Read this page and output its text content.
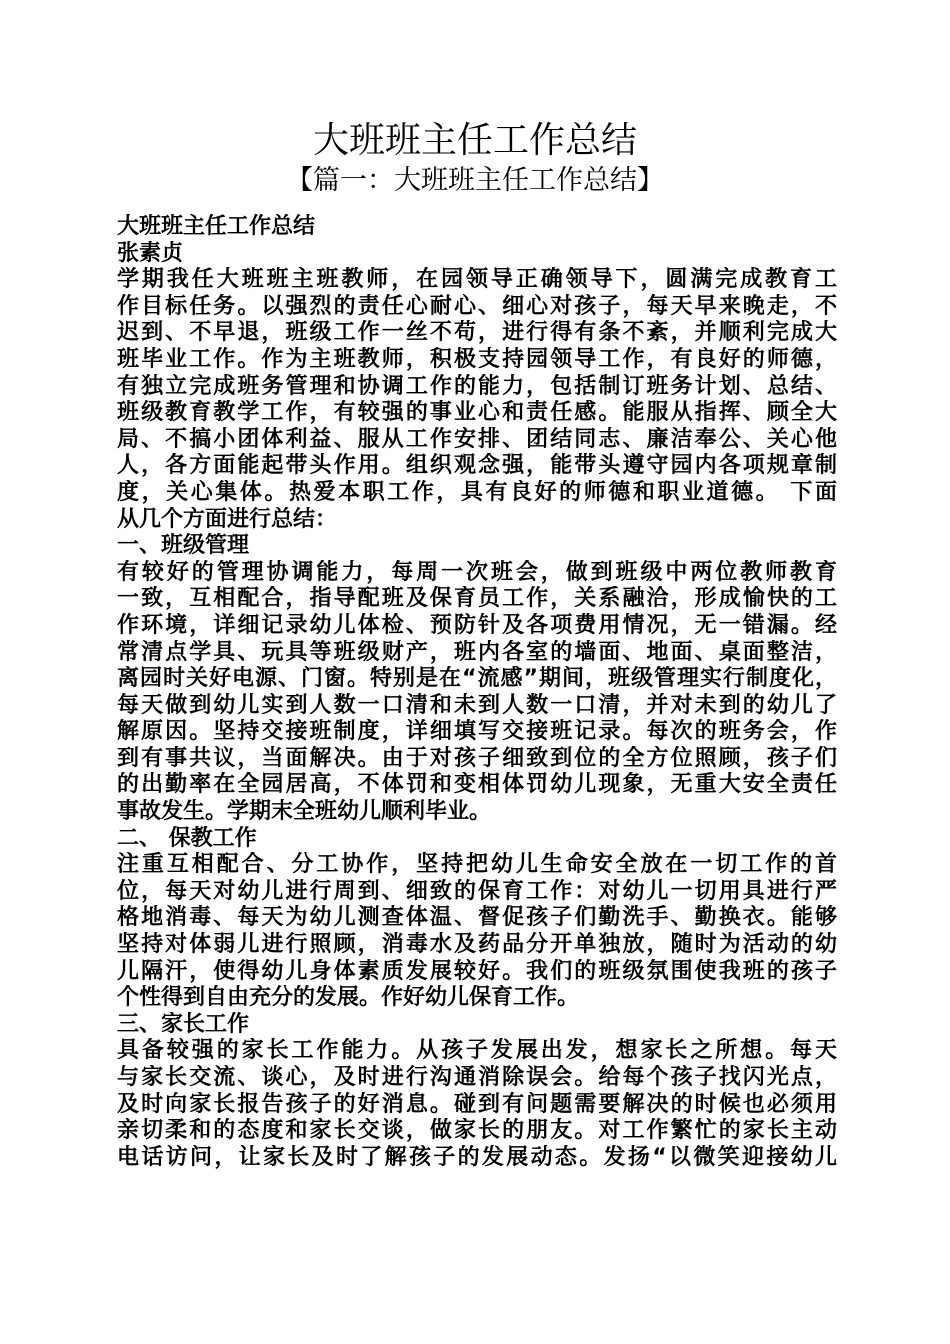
大班班主任工作总结
【篇一：大班班主任工作总结】
大班班主任工作总结
张素贞
学期我任大班班主班教师，在园领导正确领导下，圆满完成教育工
作目标任务。以强烈的责任心耐心、细心对孩子，每天早来晚走，不
迟到、不早退，班级工作一丝不苟，进行得有条不紊，并顺利完成大
班毕业工作。作为主班教师，积极支持园领导工作，有良好的师德，
有独立完成班务管理和协调工作的能力，包括制订班务计划、总结、
班级教育教学工作，有较强的事业心和责任感。能服从指挥、顾全大
局、不搞小团体利益、服从工作安排、团结同志、廉洁奉公、关心他
人，各方面能起带头作用。组织观念强，能带头遵守园内各项规章制
度，关心集体。热爱本职工作，具有良好的师德和职业道德。 下面
从几个方面进行总结：
一、班级管理
有较好的管理协调能力，每周一次班会，做到班级中两位教师教育
一致，互相配合，指导配班及保育员工作，关系融洽，形成愉快的工
作环境，详细记录幼儿体检、预防针及各项费用情况，无一错漏。经
常清点学具、玩具等班级财产，班内各室的墙面、地面、桌面整洁，
离园时关好电源、门窗。特别是在“流感”期间，班级管理实行制度化，
每天做到幼儿实到人数一口清和未到人数一口清，并对未到的幼儿了
解原因。坚持交接班制度，详细填写交接班记录。每次的班务会，作
到有事共议，当面解决。由于对孩子细致到位的全方位照顾，孩子们
的出勤率在全园居高，不体罚和变相体罚幼儿现象，无重大安全责任
事故发生。学期末全班幼儿顺利毕业。
二、 保教工作
注重互相配合、分工协作，坚持把幼儿生命安全放在一切工作的首
位，每天对幼儿进行周到、细致的保育工作：对幼儿一切用具进行严
格地消毒、每天为幼儿测查体温、督促孩子们勤洗手、勤换衣。能够
坚持对体弱儿进行照顾，消毒水及药品分开单独放，随时为活动的幼
儿隔汗，使得幼儿身体素质发展较好。我们的班级氛围使我班的孩子
个性得到自由充分的发展。作好幼儿保育工作。
三、家长工作
具备较强的家长工作能力。从孩子发展出发，想家长之所想。每天
与家长交流、谈心，及时进行沟通消除误会。给每个孩子找闪光点，
及时向家长报告孩子的好消息。碰到有问题需要解决的时候也必须用
亲切柔和的态度和家长交谈，做家长的朋友。对工作繁忙的家长主动
电话访问，让家长及时了解孩子的发展动态。发扬“以微笑迎接幼儿
